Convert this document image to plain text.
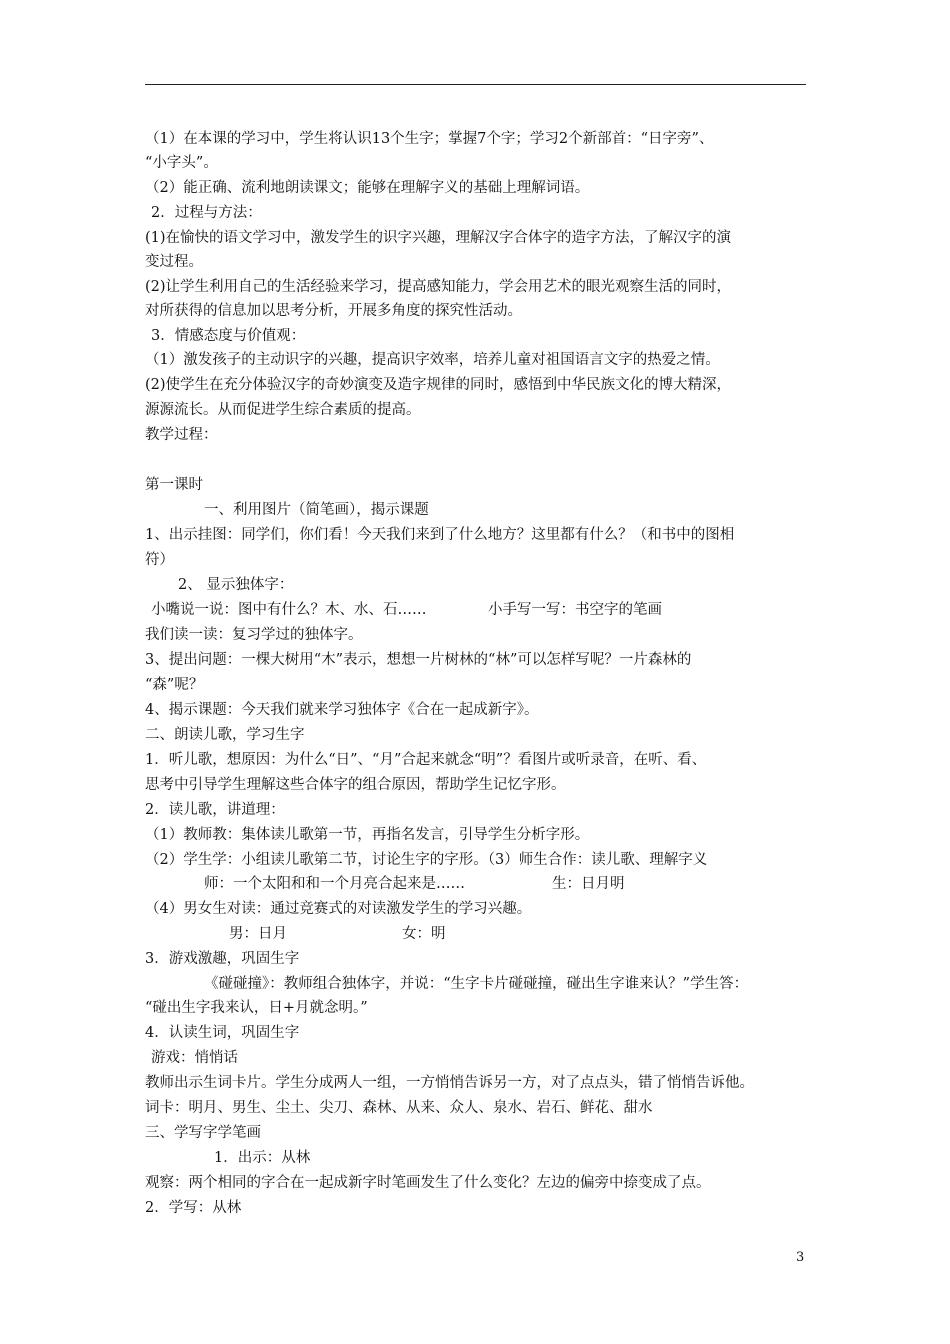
（1）在本课的学习中，学生将认识13个生字；掌握7个字；学习2个新部首：“日字旁”、
“小字头”。
（2）能正确、流利地朗读课文；能够在理解字义的基础上理解词语。
2．过程与方法：
(1)在愉快的语文学习中，激发学生的识字兴趣，理解汉字合体字的造字方法，了解汉字的演
变过程。
(2)让学生利用自己的生活经验来学习，提高感知能力，学会用艺术的眼光观察生活的同时，
对所获得的信息加以思考分析，开展多角度的探究性活动。
3．情感态度与价值观：
（1）激发孩子的主动识字的兴趣，提高识字效率，培养儿童对祖国语言文字的热爱之情。
(2)使学生在充分体验汉字的奇妙演变及造字规律的同时，感悟到中华民族文化的博大精深，
源源流长。从而促进学生综合素质的提高。
教学过程：
第一课时
一、利用图片（简笔画），揭示课题
1、出示挂图：同学们，你们看！今天我们来到了什么地方？这里都有什么？（和书中的图相
符）
2、 显示独体字：
小嘴说一说：图中有什么？木、水、石……	小手写一写：书空字的笔画
我们读一读：复习学过的独体字。
3、提出问题：一棵大树用“木”表示，想想一片树林的“林”可以怎样写呢？一片森林的
“森”呢？
4、揭示课题：今天我们就来学习独体字《合在一起成新字》。
二、朗读儿歌，学习生字
1．听儿歌，想原因：为什么“日”、“月”合起来就念“明”？看图片或听录音，在听、看、
思考中引导学生理解这些合体字的组合原因，帮助学生记忆字形。
2．读儿歌，讲道理：
（1）教师教：集体读儿歌第一节，再指名发言，引导学生分析字形。
（2）学生学：小组读儿歌第二节，讨论生字的字形。（3）师生合作：读儿歌、理解字义
师：一个太阳和和一个月亮合起来是……	生：日月明
（4）男女生对读：通过竞赛式的对读激发学生的学习兴趣。
男：日月	女：明
3．游戏激趣，巩固生字
《碰碰撞》：教师组合独体字，并说：“生字卡片碰碰撞，碰出生字谁来认？”学生答：
“碰出生字我来认，日+月就念明。”
4．认读生词，巩固生字
游戏：悄悄话
教师出示生词卡片。学生分成两人一组，一方悄悄告诉另一方，对了点点头，错了悄悄告诉他。
词卡：明月、男生、尘土、尖刀、森林、从来、众人、泉水、岩石、鲜花、甜水
三、学写字学笔画
1．出示：从林
观察：两个相同的字合在一起成新字时笔画发生了什么变化？左边的偏旁中捺变成了点。
2．学写：从林
3
